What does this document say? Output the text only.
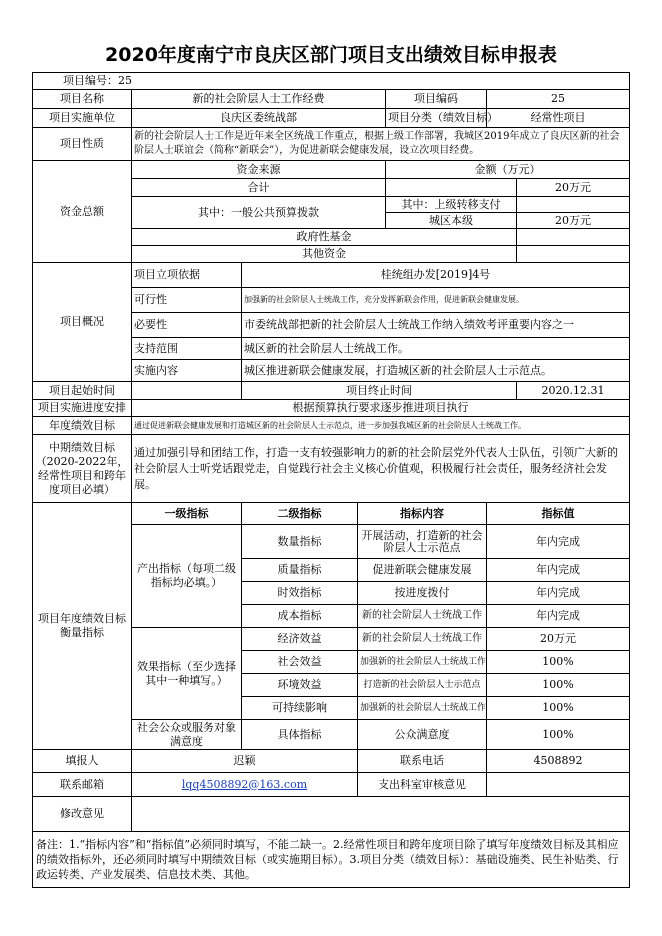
2020年度南宁市良庆区部门项目支出绩效目标申报表
项目编号：25						
项目名称	新的社会阶层人士工作经费			项目编码	25	
项目实施单位	良庆区委统战部			项目分类（绩效目标）	经常性项目	
项目性质	新的社会阶层人士工作是近年来全区统战工作重点，根据上级工作部署，我城区2019年成立了良庆区新的社会阶层人士联谊会（简称“新联会”），为促进新联会健康发展，设立次项目经费。					
资金总额	资金来源			金额（万元）		
	合计					20万元
	其中：一般公共预算拨款			其中：上级转移支付		
				城区本级		20万元
	政府性基金					
	其他资金					
项目概况	项目立项依据	桂统组办发[2019]4号				
	可行性	加强新的社会阶层人士统战工作，充分发挥新联会作用，促进新联会健康发展。				
	必要性	市委统战部把新的社会阶层人士统战工作纳入绩效考评重要内容之一				
	支持范围	城区新的社会阶层人士统战工作。				
	实施内容	城区推进新联会健康发展，打造城区新的社会阶层人士示范点。				
项目起始时间		项目终止时间				2020.12.31
项目实施进度安排	根据预算执行要求逐步推进项目执行					
年度绩效目标	通过促进新联会健康发展和打造城区新的社会阶层人士示范点，进一步加强我城区新的社会阶层人士统战工作。					
中期绩效目标（2020-2022年，经常性项目和跨年度项目必填）	通过加强引导和团结工作，打造一支有较强影响力的新的社会阶层党外代表人士队伍，引领广大新的社会阶层人士听党话跟党走，自觉践行社会主义核心价值观，积极履行社会责任，服务经济社会发展。					
项目年度绩效目标衡量指标	一级指标	二级指标	指标内容		指标值	
	产出指标（每项二级指标均必填。）	数量指标	开展活动，打造新的社会阶层人士示范点		年内完成	
		质量指标	促进新联会健康发展		年内完成	
		时效指标	按进度拨付		年内完成	
		成本指标	新的社会阶层人士统战工作		年内完成	
	效果指标（至少选择其中一种填写。）	经济效益	新的社会阶层人士统战工作		20万元	
		社会效益	加强新的社会阶层人士统战工作		100%	
		环境效益	打造新的社会阶层人士示范点		100%	
		可持续影响	加强新的社会阶层人士统战工作		100%	
	社会公众或服务对象满意度	具体指标	公众满意度		100%	
填报人	迟颖		联系电话		4508892	
联系邮箱	lqq4508892@163.com		支出科室审核意见			
修改意见						
备注：1.“指标内容”和“指标值”必须同时填写，不能二缺一。2.经常性项目和跨年度项目除了填写年度绩效目标及其相应的绩效指标外，还必须同时填写中期绩效目标（或实施期目标）。3.项目分类（绩效目标）：基础设施类、民生补贴类、行政运转类、产业发展类、信息技术类、其他。						
